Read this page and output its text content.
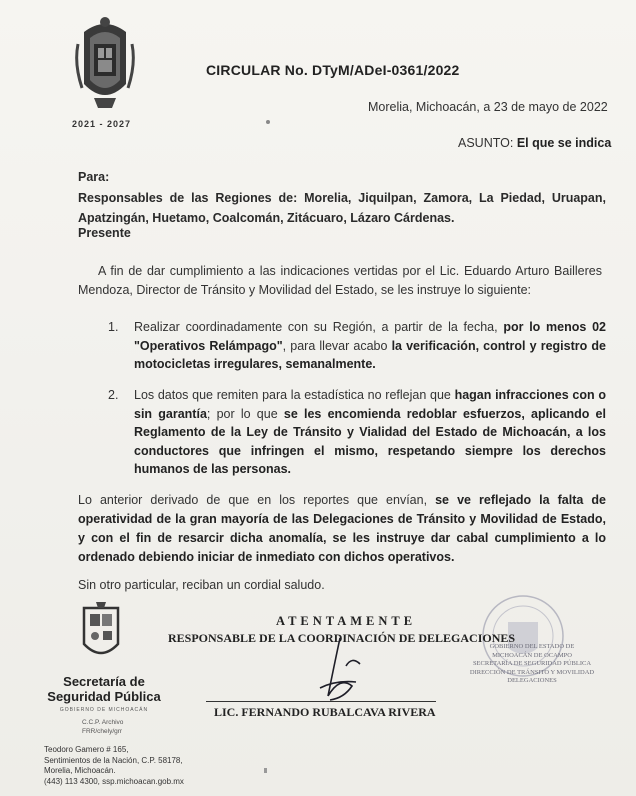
2021 - 2027
CIRCULAR No. DTyM/ADeI-0361/2022
Morelia, Michoacán, a 23 de mayo de 2022
ASUNTO: El que se indica
Para:
Responsables de las Regiones de: Morelia, Jiquilpan, Zamora, La Piedad, Uruapan, Apatzingán, Huetamo, Coalcomán, Zitácuaro, Lázaro Cárdenas.
Presente
A fin de dar cumplimiento a las indicaciones vertidas por el Lic. Eduardo Arturo Bailleres Mendoza, Director de Tránsito y Movilidad del Estado, se les instruye lo siguiente:
1.	Realizar coordinadamente con su Región, a partir de la fecha, por lo menos 02 "Operativos Relámpago", para llevar acabo la verificación, control y registro de motocicletas irregulares, semanalmente.
2.	Los datos que remiten para la estadística no reflejan que hagan infracciones con o sin garantía; por lo que se les encomienda redoblar esfuerzos, aplicando el Reglamento de la Ley de Tránsito y Vialidad del Estado de Michoacán, a los conductores que infringen el mismo, respetando siempre los derechos humanos de las personas.
Lo anterior derivado de que en los reportes que envían, se ve reflejado la falta de operatividad de la gran mayoría de las Delegaciones de Tránsito y Movilidad de Estado, y con el fin de resarcir dicha anomalía, se les instruye dar cabal cumplimiento a lo ordenado debiendo iniciar de inmediato con dichos operativos.
Sin otro particular, reciban un cordial saludo.
ATENTAMENTE
RESPONSABLE DE LA COORDINACIÓN DE DELEGACIONES
GOBIERNO DEL ESTADO DE
MICHOACÁN DE OCAMPO
SECRETARÍA DE SEGURIDAD PÚBLICA
DIRECCIÓN DE TRÁNSITO Y MOVILIDAD
DELEGACIONES
LIC. FERNANDO RUBALCAVA RIVERA
Secretaría de
Seguridad Pública
GOBIERNO DE MICHOACÁN
C.C.P. Archivo
FRR/chely/grr
Teodoro Gamero # 165,
Sentimientos de la Nación, C.P. 58178,
Morelia, Michoacán.
(443) 113 4300, ssp.michoacan.gob.mx
